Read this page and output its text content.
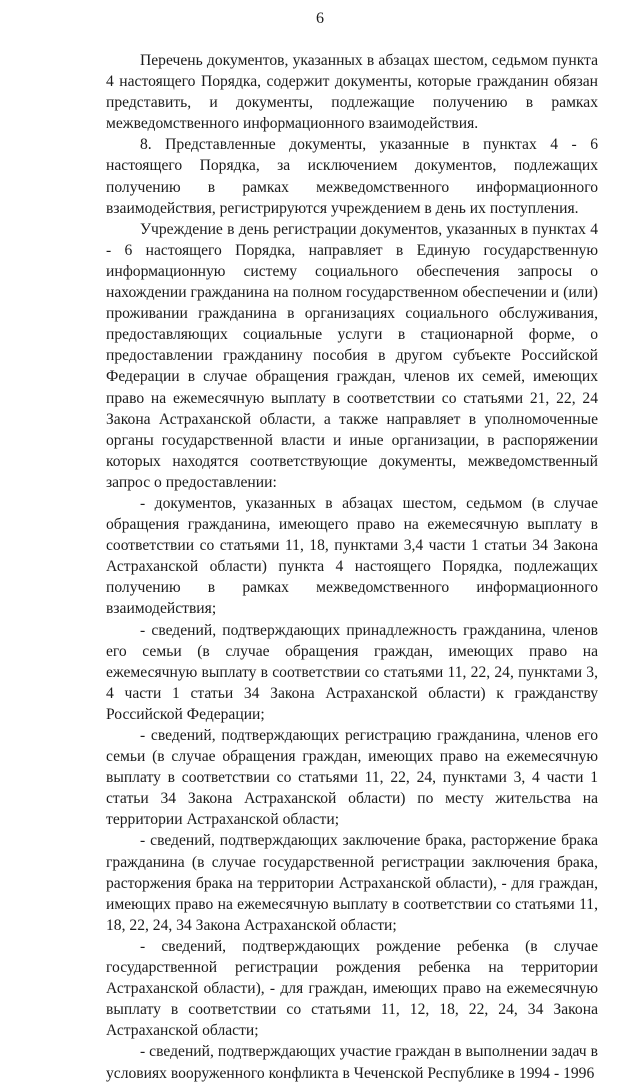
6

Перечень документов, указанных в абзацах шестом, седьмом пункта 4 настоящего Порядка, содержит документы, которые гражданин обязан представить, и документы, подлежащие получению в рамках межведомственного информационного взаимодействия.

8. Представленные документы, указанные в пунктах 4 - 6 настоящего Порядка, за исключением документов, подлежащих получению в рамках межведомственного информационного взаимодействия, регистрируются учреждением в день их поступления.

Учреждение в день регистрации документов, указанных в пунктах 4 - 6 настоящего Порядка, направляет в Единую государственную информационную систему социального обеспечения запросы о нахождении гражданина на полном государственном обеспечении и (или) проживании гражданина в организациях социального обслуживания, предоставляющих социальные услуги в стационарной форме, о предоставлении гражданину пособия в другом субъекте Российской Федерации в случае обращения граждан, членов их семей, имеющих право на ежемесячную выплату в соответствии со статьями 21, 22, 24 Закона Астраханской области, а также направляет в уполномоченные органы государственной власти и иные организации, в распоряжении которых находятся соответствующие документы, межведомственный запрос о предоставлении:

- документов, указанных в абзацах шестом, седьмом (в случае обращения гражданина, имеющего право на ежемесячную выплату в соответствии со статьями 11, 18, пунктами 3,4 части 1 статьи 34 Закона Астраханской области) пункта 4 настоящего Порядка, подлежащих получению в рамках межведомственного информационного взаимодействия;

- сведений, подтверждающих принадлежность гражданина, членов его семьи (в случае обращения граждан, имеющих право на ежемесячную выплату в соответствии со статьями 11, 22, 24, пунктами 3, 4 части 1 статьи 34 Закона Астраханской области) к гражданству Российской Федерации;

- сведений, подтверждающих регистрацию гражданина, членов его семьи (в случае обращения граждан, имеющих право на ежемесячную выплату в соответствии со статьями 11, 22, 24, пунктами 3, 4 части 1 статьи 34 Закона Астраханской области) по месту жительства на территории Астраханской области;

- сведений, подтверждающих заключение брака, расторжение брака гражданина (в случае государственной регистрации заключения брака, расторжения брака на территории Астраханской области), - для граждан, имеющих право на ежемесячную выплату в соответствии со статьями 11, 18, 22, 24, 34 Закона Астраханской области;

- сведений, подтверждающих рождение ребенка (в случае государственной регистрации рождения ребенка на территории Астраханской области), - для граждан, имеющих право на ежемесячную выплату в соответствии со статьями 11, 12, 18, 22, 24, 34 Закона Астраханской области;

- сведений, подтверждающих участие граждан в выполнении задач в условиях вооруженного конфликта в Чеченской Республике в 1994 - 1996
